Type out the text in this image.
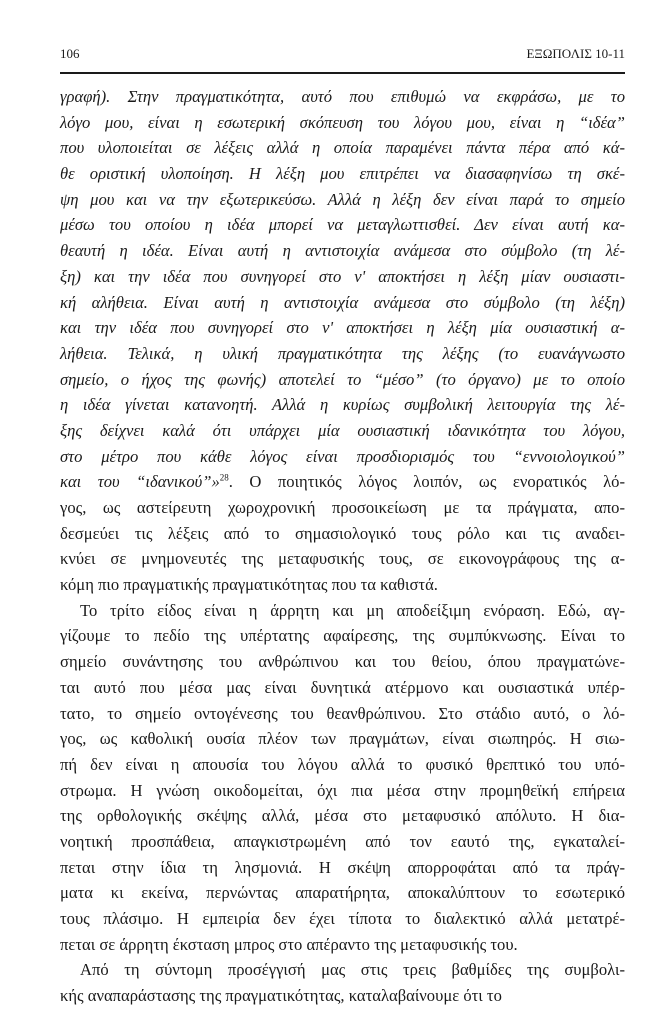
106	ΕΞΩΠΟΛΙΣ 10-11
γραφή). Στην πραγματικότητα, αυτό που επιθυμώ να εκφράσω, με το
λόγο μου, είναι η εσωτερική σκόπευση του λόγου μου, είναι η “ιδέα”
που υλοποιείται σε λέξεις αλλά η οποία παραμένει πάντα πέρα από κά-
θε οριστική υλοποίηση. Η λέξη μου επιτρέπει να διασαφηνίσω τη σκέ-
ψη μου και να την εξωτερικεύσω. Αλλά η λέξη δεν είναι παρά το σημείο
μέσω του οποίου η ιδέα μπορεί να μεταγλωττισθεί. Δεν είναι αυτή κα-
θεαυτή η ιδέα. Είναι αυτή η αντιστοιχία ανάμεσα στο σύμβολο (τη λέ-
ξη) και την ιδέα που συνηγορεί στο ν' αποκτήσει η λέξη μίαν ουσιαστι-
κή αλήθεια. Είναι αυτή η αντιστοιχία ανάμεσα στο σύμβολο (τη λέξη)
και την ιδέα που συνηγορεί στο ν' αποκτήσει η λέξη μία ουσιαστική α-
λήθεια. Τελικά, η υλική πραγματικότητα της λέξης (το ευανάγνωστο
σημείο, ο ήχος της φωνής) αποτελεί το “μέσο” (το όργανο) με το οποίο
η ιδέα γίνεται κατανοητή. Αλλά η κυρίως συμβολική λειτουργία της λέ-
ξης δείχνει καλά ότι υπάρχει μία ουσιαστική ιδανικότητα του λόγου,
στο μέτρο που κάθε λόγος είναι προσδιορισμός του “εννοιολογικού”
και του “ιδανικού”»$^{28}$. Ο ποιητικός λόγος λοιπόν, ως ενορατικός λό-
γος, ως αστείρευτη χωροχρονική προσοικείωση με τα πράγματα, απο-
δεσμεύει τις λέξεις από το σημασιολογικό τους ρόλο και τις αναδει-
κνύει σε μνημονευτές της μεταφυσικής τους, σε εικονογράφους της α-
κόμη πιο πραγματικής πραγματικότητας που τα καθιστά.
Το τρίτο είδος είναι η άρρητη και μη αποδείξιμη ενόραση. Εδώ, αγ-
γίζουμε το πεδίο της υπέρτατης αφαίρεσης, της συμπύκνωσης. Είναι το
σημείο συνάντησης του ανθρώπινου και του θείου, όπου πραγματώνε-
ται αυτό που μέσα μας είναι δυνητικά ατέρμονο και ουσιαστικά υπέρ-
τατο, το σημείο οντογένεσης του θεανθρώπινου. Στο στάδιο αυτό, ο λό-
γος, ως καθολική ουσία πλέον των πραγμάτων, είναι σιωπηρός. Η σιω-
πή δεν είναι η απουσία του λόγου αλλά το φυσικό θρεπτικό του υπό-
στρωμα. Η γνώση οικοδομείται, όχι πια μέσα στην προμηθεϊκή επήρεια
της ορθολογικής σκέψης αλλά, μέσα στο μεταφυσικό απόλυτο. Η δια-
νοητική προσπάθεια, απαγκιστρωμένη από τον εαυτό της, εγκαταλεί-
πεται στην ίδια τη λησμονιά. Η σκέψη απορροφάται από τα πράγ-
ματα κι εκείνα, περνώντας απαρατήρητα, αποκαλύπτουν το εσωτερικό
τους πλάσιμο. Η εμπειρία δεν έχει τίποτα το διαλεκτικό αλλά μετατρέ-
πεται σε άρρητη έκσταση μπρος στο απέραντο της μεταφυσικής του.
Από τη σύντομη προσέγγισή μας στις τρεις βαθμίδες της συμβολι-
κής αναπαράστασης της πραγματικότητας, καταλαβαίνουμε ότι το
